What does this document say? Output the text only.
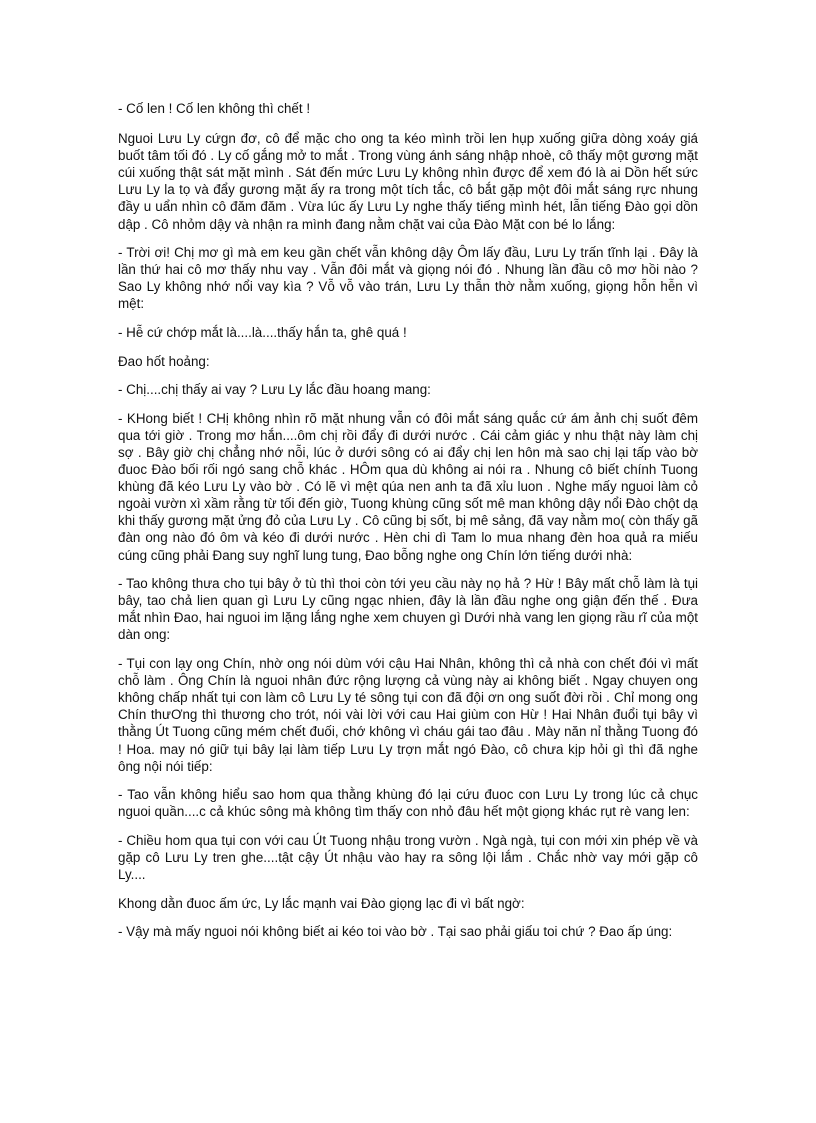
- Cố len ! Cố len không thì chết !

Nguoi Lưu Ly cứgn đơ, cô để mặc cho ong ta kéo mình trồi len hụp xuống giữa dòng xoáy giá buốt tâm tối đó . Ly cố gắng mở to mắt . Trong vùng ánh sáng nhập nhoè, cô thấy một gương mặt cúi xuống thật sát mặt mình . Sát đến mức Lưu Ly không nhìn được để xem đó là ai Dồn hết sức Lưu Ly la tọ và đẩy gương mặt ấy ra trong một tích tắc, cô bắt gặp một đôi mắt sáng rực nhung đầy u uẩn nhìn cô đăm đăm . Vừa lúc ấy Lưu Ly nghe thấy tiếng mình hét, lẫn tiếng Đào gọi dồn dập . Cô nhỏm dậy và nhận ra mình đang nằm chặt vai của Đào Mặt con bé lo lắng:

- Trời ơi! Chị mơ gì mà em keu gần chết vẫn không dậy Ôm lấy đầu, Lưu Ly trấn tĩnh lại . Đây là lần thứ hai cô mơ thấy nhu vay . Vẫn đôi mắt và giọng nói đó . Nhung lần đầu cô mơ hồi nào ? Sao Ly không nhớ nổi vay kìa ? Vỗ vỗ vào trán, Lưu Ly thẫn thờ nằm xuống, giọng hỗn hễn vì mệt:

- Hễ cứ chớp mắt là....là....thấy hắn ta, ghê quá !

Đao hốt hoảng:

- Chị....chị thấy ai vay ? Lưu Ly lắc đầu hoang mang:

- KHong biết ! CHị không nhìn rõ mặt nhung vẫn có đôi mắt sáng quắc cứ ám ảnh chị suốt đêm qua tới giờ . Trong mơ hắn....ôm chị rồi đẩy đi dưới nước . Cái cảm giác y nhu thật này làm chị sợ . Bây giờ chị chẳng nhớ nỗi, lúc ở dưới sông có ai đẩy chị len hôn mà sao chị lại tấp vào bờ đuoc Đào bối rối ngó sang chỗ khác . HÔm qua dù không ai nói ra . Nhung cô biết chính Tuong khùng đã kéo Lưu Ly vào bờ . Có lẽ vì mệt qúa nen anh ta đã xỉu luon . Nghe mấy nguoi làm cỏ ngoài vườn xì xầm rằng từ tối đến giờ, Tuong khùng cũng sốt mê man không dậy nổi Đào chột dạ khi thấy gương mặt ửng đỏ của Lưu Ly . Cô cũng bị sốt, bị mê sảng, đã vay nằm mo( còn thấy gã đàn ong nào đó ôm và kéo đi dưới nước . Hèn chi dì Tam lo mua nhang đèn hoa quả ra miếu cúng cũng phải Đang suy nghĩ lung tung, Đao bỗng nghe ong Chín lớn tiếng dưới nhà:

- Tao không thưa cho tụi bây ở tù thì thoi còn tới yeu cầu này nọ hả ? Hừ ! Bây mất chỗ làm là tụi bây, tao chả lien quan gì Lưu Ly cũng ngạc nhien, đây là lần đầu nghe ong giận đến thế . Đưa mắt nhìn Đao, hai nguoi im lặng lắng nghe xem chuyen gì Dưới nhà vang len giọng rầu rĩ của một dàn ong:

- Tụi con lạy ong Chín, nhờ ong nói dùm với cậu Hai Nhân, không thì cả nhà con chết đói vì mất chỗ làm . Ông Chín là nguoi nhân đức rộng lượng cả vùng này ai không biết . Ngay chuyen ong không chấp nhất tụi con làm cô Lưu Ly té sông tụi con đã đội ơn ong suốt đời rồi . Chỉ mong ong Chín thưƠng thì thương cho trót, nói vài lời với cau Hai giùm con Hừ ! Hai Nhân đuổi tụi bây vì thằng Út Tuong cũng mém chết đuối, chớ không vì cháu gái tao đâu . Mày năn nỉ thằng Tuong đó ! Hoa. may nó giữ tụi bây lại làm tiếp Lưu Ly trợn mắt ngó Đào, cô chưa kịp hỏi gì thì đã nghe ông nội nói tiếp:

- Tao vẫn không hiểu sao hom qua thằng khùng đó lại cứu đuoc con Lưu Ly trong lúc cả chục nguoi quần....c cả khúc sông mà không tìm thấy con nhỏ đâu hết một giọng khác rụt rè vang len:

- Chiều hom qua tụi con với cau Út Tuong nhậu trong vườn . Ngà ngà, tụi con mới xin phép về và gặp cô Lưu Ly tren ghe....tật cậy Út nhậu vào hay ra sông lội lắm . Chắc nhờ vay mới gặp cô Ly....

Khong dằn đuoc ấm ức, Ly lắc mạnh vai Đào giọng lạc đi vì bất ngờ:

- Vậy mà mấy nguoi nói không biết ai kéo toi vào bờ . Tại sao phải giấu toi chứ ? Đao ấp úng:
